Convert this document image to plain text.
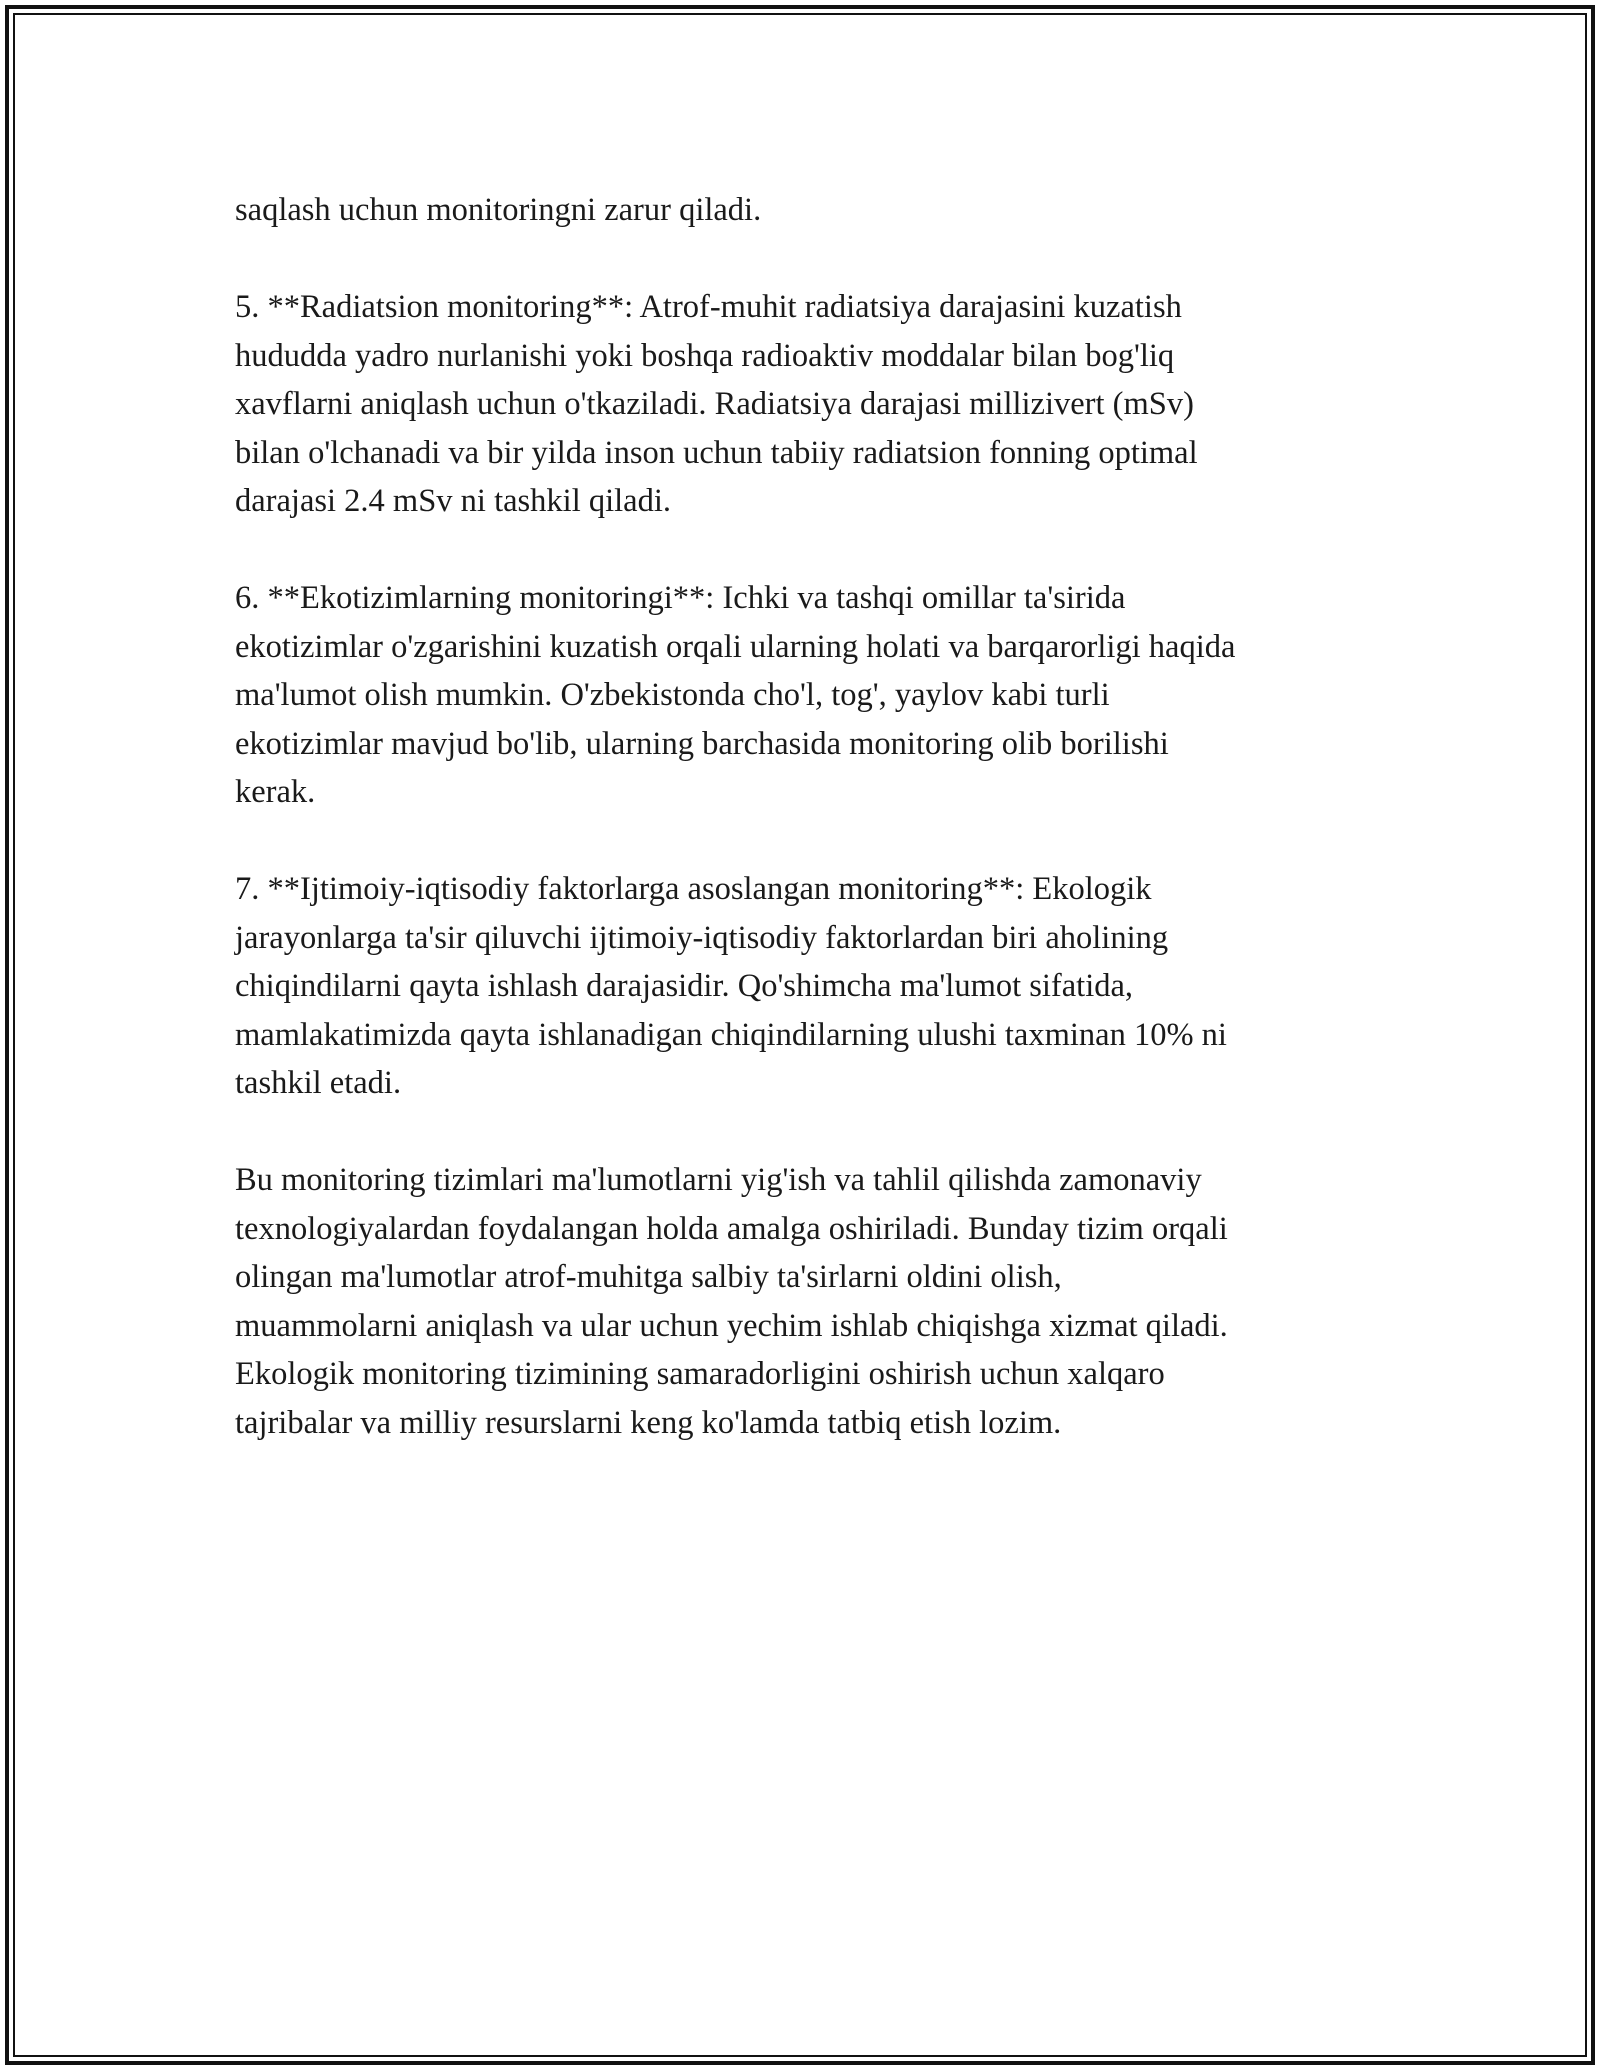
saqlash uchun monitoringni zarur qiladi.

5. **Radiatsion monitoring**: Atrof-muhit radiatsiya darajasini kuzatish
hududda yadro nurlanishi yoki boshqa radioaktiv moddalar bilan bog'liq
xavflarni aniqlash uchun o'tkaziladi. Radiatsiya darajasi millizivert (mSv)
bilan o'lchanadi va bir yilda inson uchun tabiiy radiatsion fonning optimal
darajasi 2.4 mSv ni tashkil qiladi.

6. **Ekotizimlarning monitoringi**: Ichki va tashqi omillar ta'sirida
ekotizimlar o'zgarishini kuzatish orqali ularning holati va barqarorligi haqida
ma'lumot olish mumkin. O'zbekistonda cho'l, tog', yaylov kabi turli
ekotizimlar mavjud bo'lib, ularning barchasida monitoring olib borilishi
kerak.

7. **Ijtimoiy-iqtisodiy faktorlarga asoslangan monitoring**: Ekologik
jarayonlarga ta'sir qiluvchi ijtimoiy-iqtisodiy faktorlardan biri aholining
chiqindilarni qayta ishlash darajasidir. Qo'shimcha ma'lumot sifatida,
mamlakatimizda qayta ishlanadigan chiqindilarning ulushi taxminan 10% ni
tashkil etadi.

Bu monitoring tizimlari ma'lumotlarni yig'ish va tahlil qilishda zamonaviy
texnologiyalardan foydalangan holda amalga oshiriladi. Bunday tizim orqali
olingan ma'lumotlar atrof-muhitga salbiy ta'sirlarni oldini olish,
muammolarni aniqlash va ular uchun yechim ishlab chiqishga xizmat qiladi.
Ekologik monitoring tizimining samaradorligini oshirish uchun xalqaro
tajribalar va milliy resurslarni keng ko'lamda tatbiq etish lozim.
